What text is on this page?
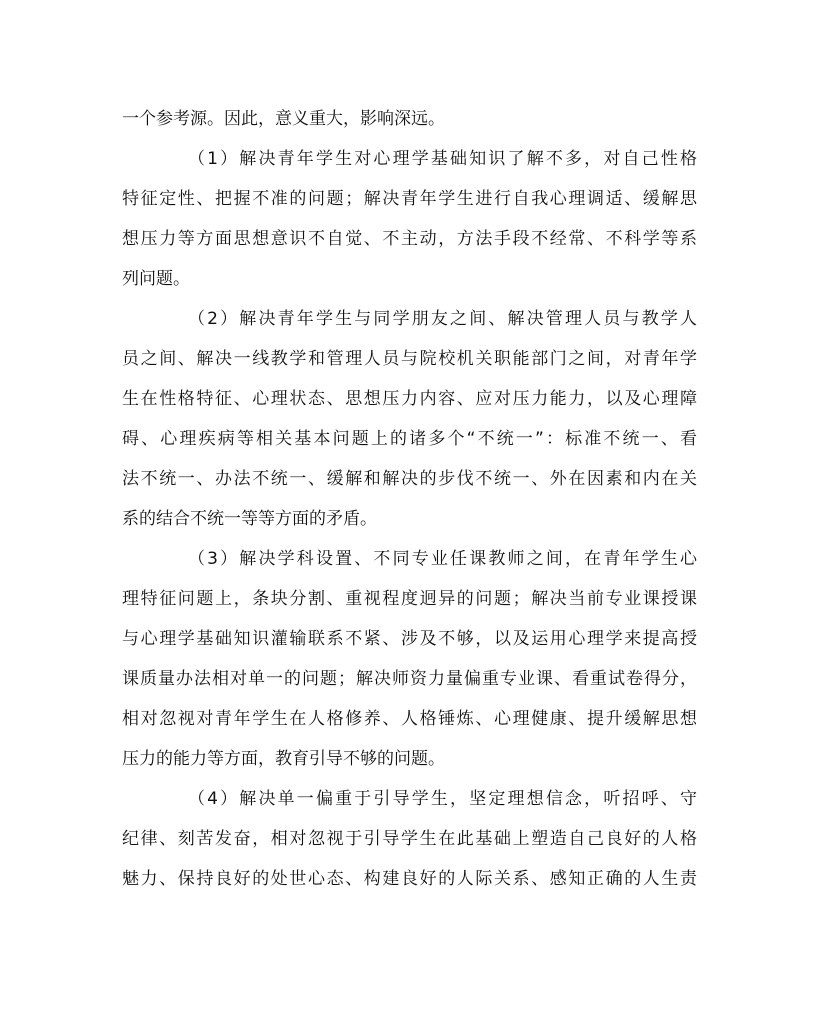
一个参考源。因此，意义重大，影响深远。
（1）解决青年学生对心理学基础知识了解不多，对自己性格
特征定性、把握不准的问题；解决青年学生进行自我心理调适、缓解思
想压力等方面思想意识不自觉、不主动，方法手段不经常、不科学等系
列问题。
（2）解决青年学生与同学朋友之间、解决管理人员与教学人
员之间、解决一线教学和管理人员与院校机关职能部门之间，对青年学
生在性格特征、心理状态、思想压力内容、应对压力能力，以及心理障
碍、心理疾病等相关基本问题上的诸多个“不统一”：标准不统一、看
法不统一、办法不统一、缓解和解决的步伐不统一、外在因素和内在关
系的结合不统一等等方面的矛盾。
（3）解决学科设置、不同专业任课教师之间，在青年学生心
理特征问题上，条块分割、重视程度迥异的问题；解决当前专业课授课
与心理学基础知识灌输联系不紧、涉及不够，以及运用心理学来提高授
课质量办法相对单一的问题；解决师资力量偏重专业课、看重试卷得分，
相对忽视对青年学生在人格修养、人格锤炼、心理健康、提升缓解思想
压力的能力等方面，教育引导不够的问题。
（4）解决单一偏重于引导学生，坚定理想信念，听招呼、守
纪律、刻苦发奋，相对忽视于引导学生在此基础上塑造自己良好的人格
魅力、保持良好的处世心态、构建良好的人际关系、感知正确的人生责
